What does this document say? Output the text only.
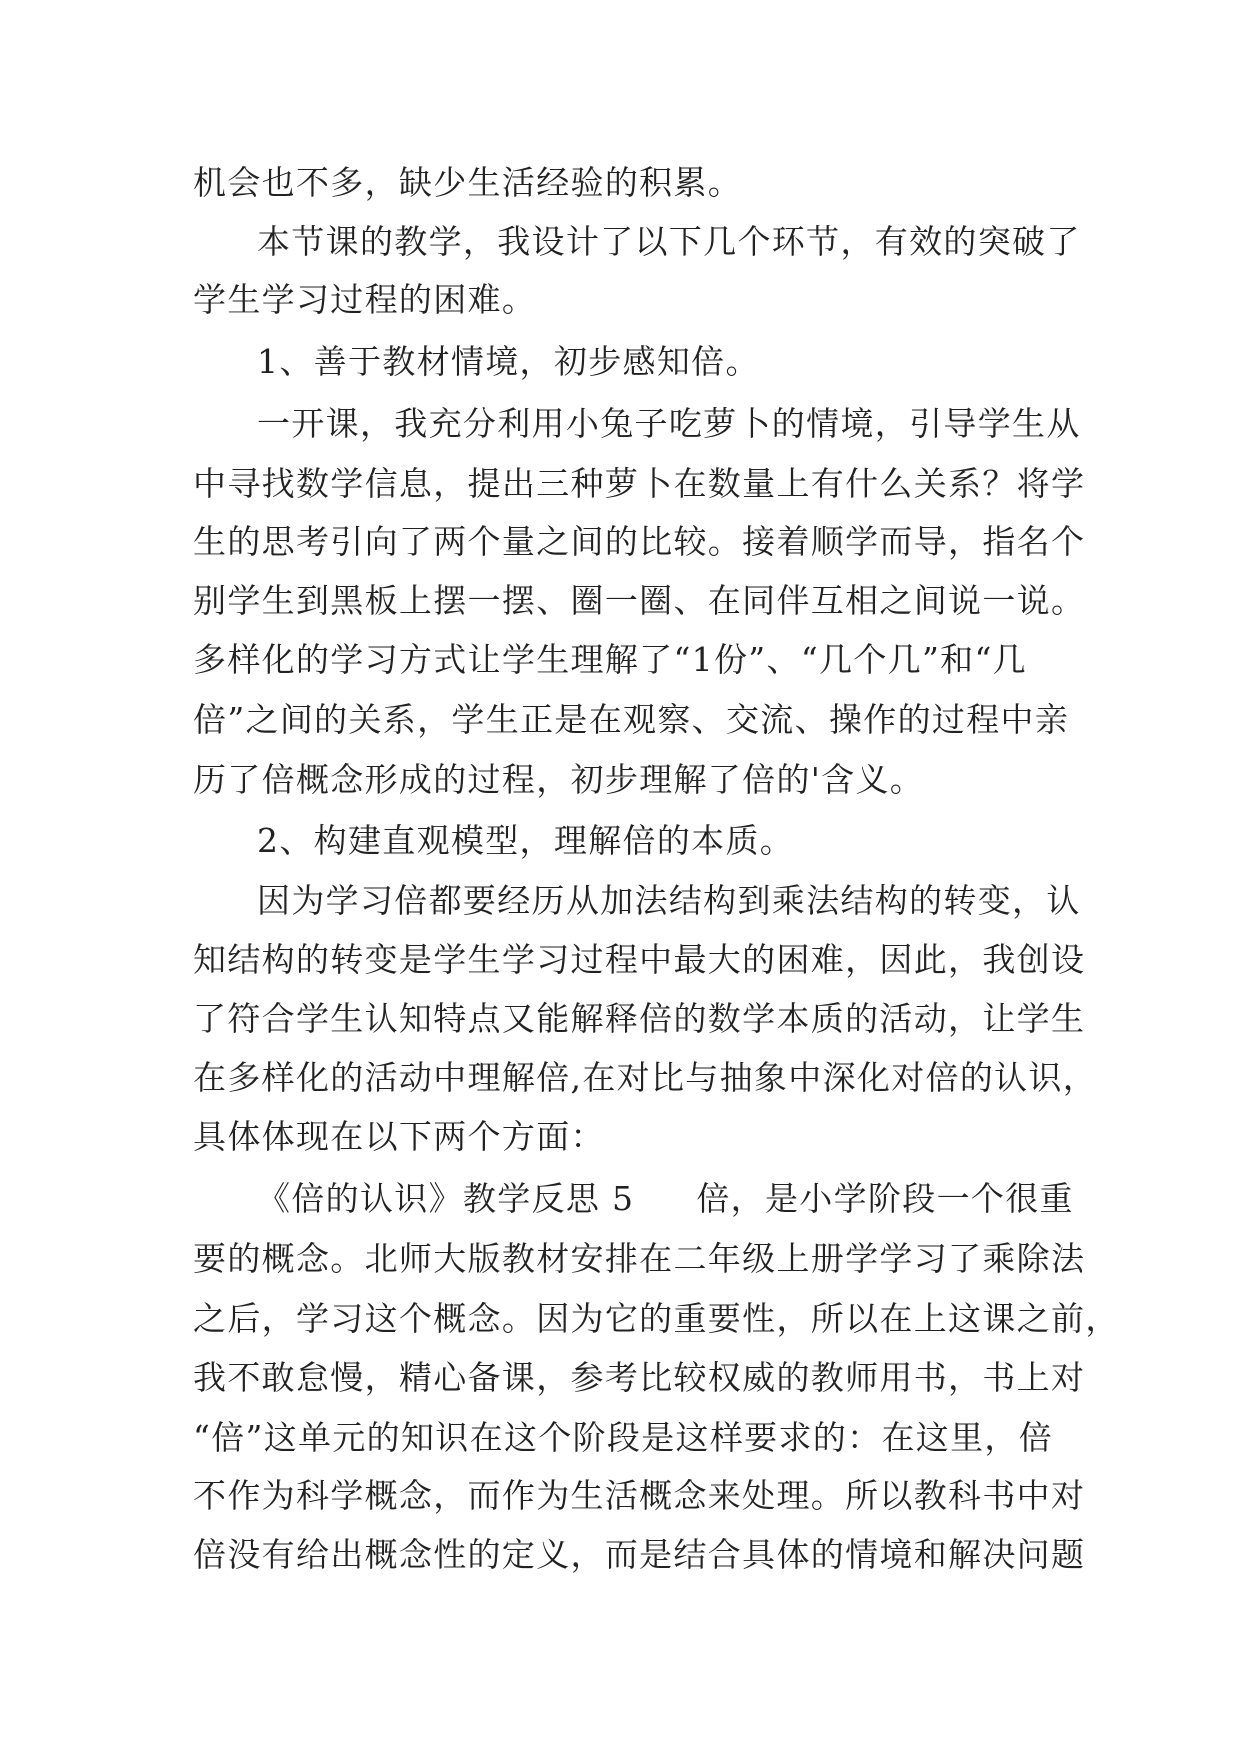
机会也不多，缺少生活经验的积累。
本节课的教学，我设计了以下几个环节，有效的突破了
学生学习过程的困难。
1、善于教材情境，初步感知倍。
一开课，我充分利用小兔子吃萝卜的情境，引导学生从
中寻找数学信息，提出三种萝卜在数量上有什么关系？将学
生的思考引向了两个量之间的比较。接着顺学而导，指名个
别学生到黑板上摆一摆、圈一圈、在同伴互相之间说一说。
多样化的学习方式让学生理解了“1份”、“几个几”和“几
倍”之间的关系，学生正是在观察、交流、操作的过程中亲
历了倍概念形成的过程，初步理解了倍的'含义。
2、构建直观模型，理解倍的本质。
因为学习倍都要经历从加法结构到乘法结构的转变，认
知结构的转变是学生学习过程中最大的困难，因此，我创设
了符合学生认知特点又能解释倍的数学本质的活动，让学生
在多样化的活动中理解倍,在对比与抽象中深化对倍的认识，
具体体现在以下两个方面：
《倍的认识》教学反思 5 倍，是小学阶段一个很重
要的概念。北师大版教材安排在二年级上册学学习了乘除法
之后，学习这个概念。因为它的重要性，所以在上这课之前，
我不敢怠慢，精心备课，参考比较权威的教师用书，书上对
“倍”这单元的知识在这个阶段是这样要求的：在这里，倍
不作为科学概念，而作为生活概念来处理。所以教科书中对
倍没有给出概念性的定义，而是结合具体的情境和解决问题
